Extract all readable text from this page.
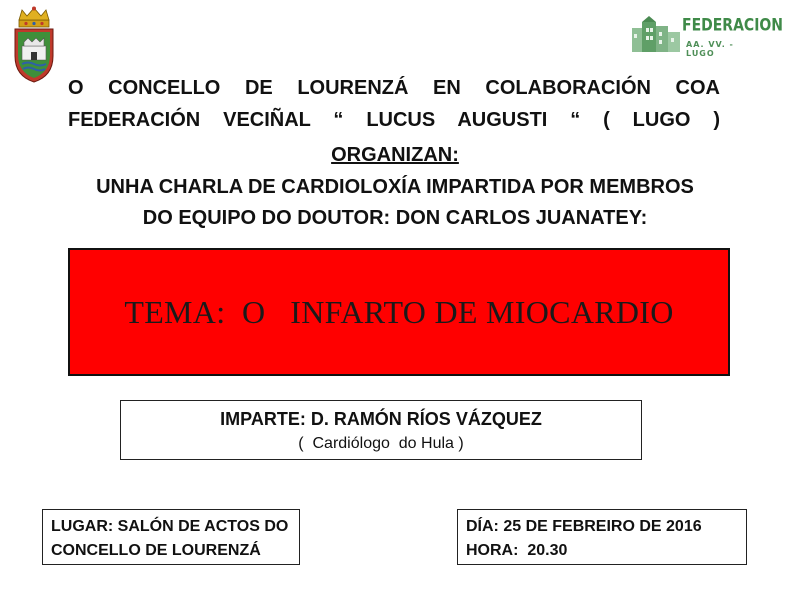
FEDERACION
AA. VV. - LUGO
O CONCELLO DE LOURENZÁ EN COLABORACIÓN COA
FEDERACIÓN VECIÑAL “ LUCUS AUGUSTI “ ( LUGO )
ORGANIZAN:
UNHA CHARLA DE CARDIOLOXÍA IMPARTIDA POR MEMBROS
DO EQUIPO DO DOUTOR: DON CARLOS JUANATEY:
TEMA:  O   INFARTO DE MIOCARDIO
IMPARTE: D. RAMÓN RÍOS VÁZQUEZ
(  Cardiólogo  do Hula )
LUGAR: SALÓN DE ACTOS DO
CONCELLO DE LOURENZÁ
DÍA: 25 DE FEBREIRO DE 2016
HORA:  20.30
